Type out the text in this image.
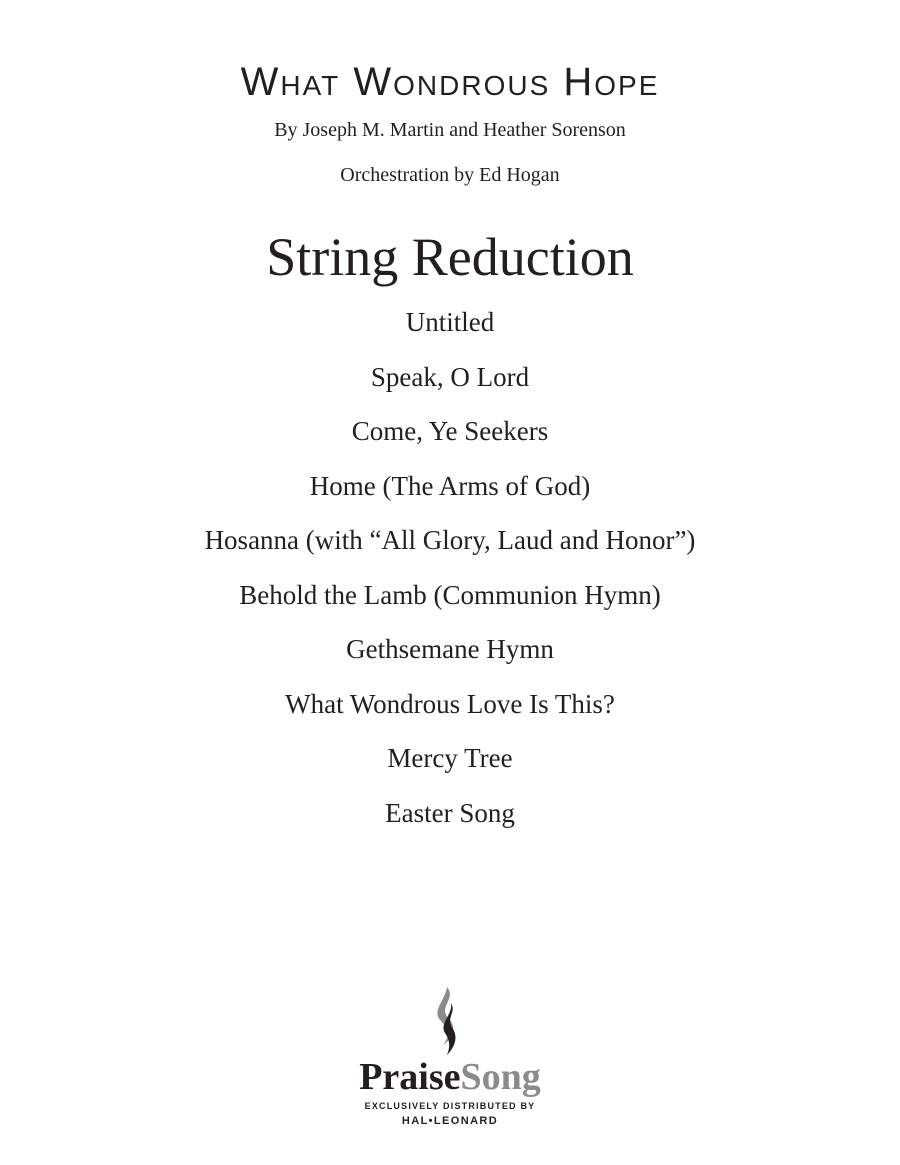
What Wondrous Hope
By Joseph M. Martin and Heather Sorenson
Orchestration by Ed Hogan
String Reduction
Untitled
Speak, O Lord
Come, Ye Seekers
Home (The Arms of God)
Hosanna (with “All Glory, Laud and Honor”)
Behold the Lamb (Communion Hymn)
Gethsemane Hymn
What Wondrous Love Is This?
Mercy Tree
Easter Song
PraiseSong
EXCLUSIVELY DISTRIBUTED BY
HAL•LEONARD
